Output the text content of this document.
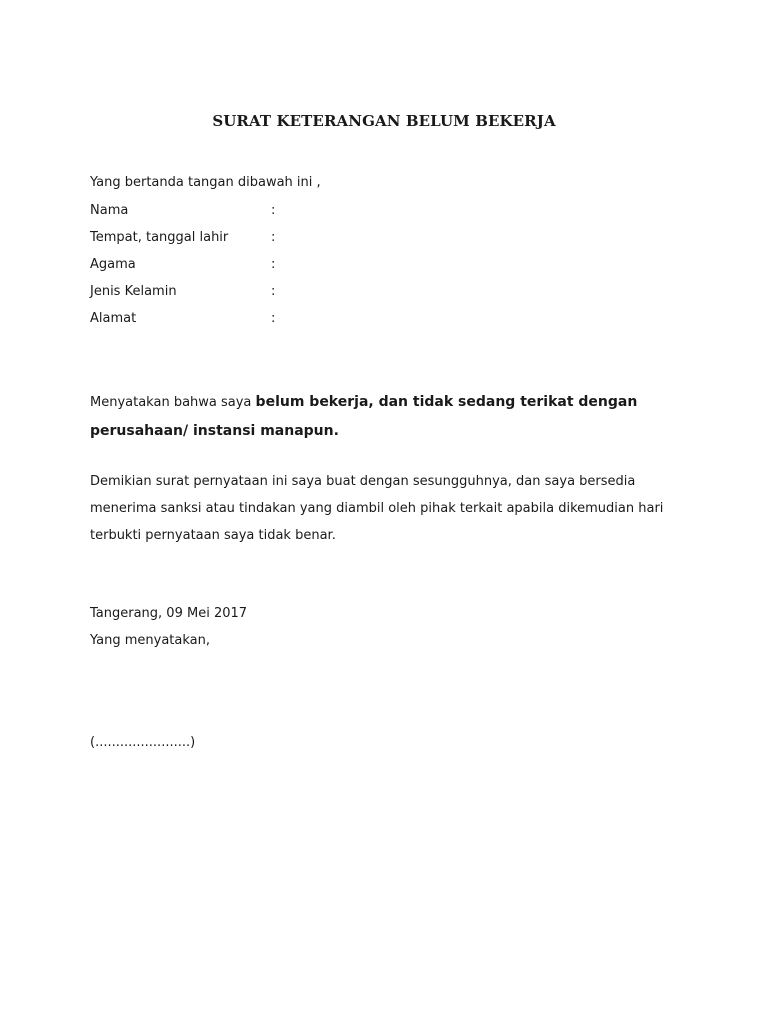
SURAT KETERANGAN BELUM BEKERJA
Yang bertanda tangan dibawah ini ,
Nama	:
Tempat, tanggal lahir	:
Agama	:
Jenis Kelamin	:
Alamat	:
Menyatakan bahwa saya belum bekerja, dan tidak sedang terikat dengan
perusahaan/ instansi manapun.
Demikian surat pernyataan ini saya buat dengan sesungguhnya, dan saya bersedia
menerima sanksi atau tindakan yang diambil oleh pihak terkait apabila dikemudian hari
terbukti pernyataan saya tidak benar.
Tangerang, 09 Mei 2017
Yang menyatakan,
(.......................)
